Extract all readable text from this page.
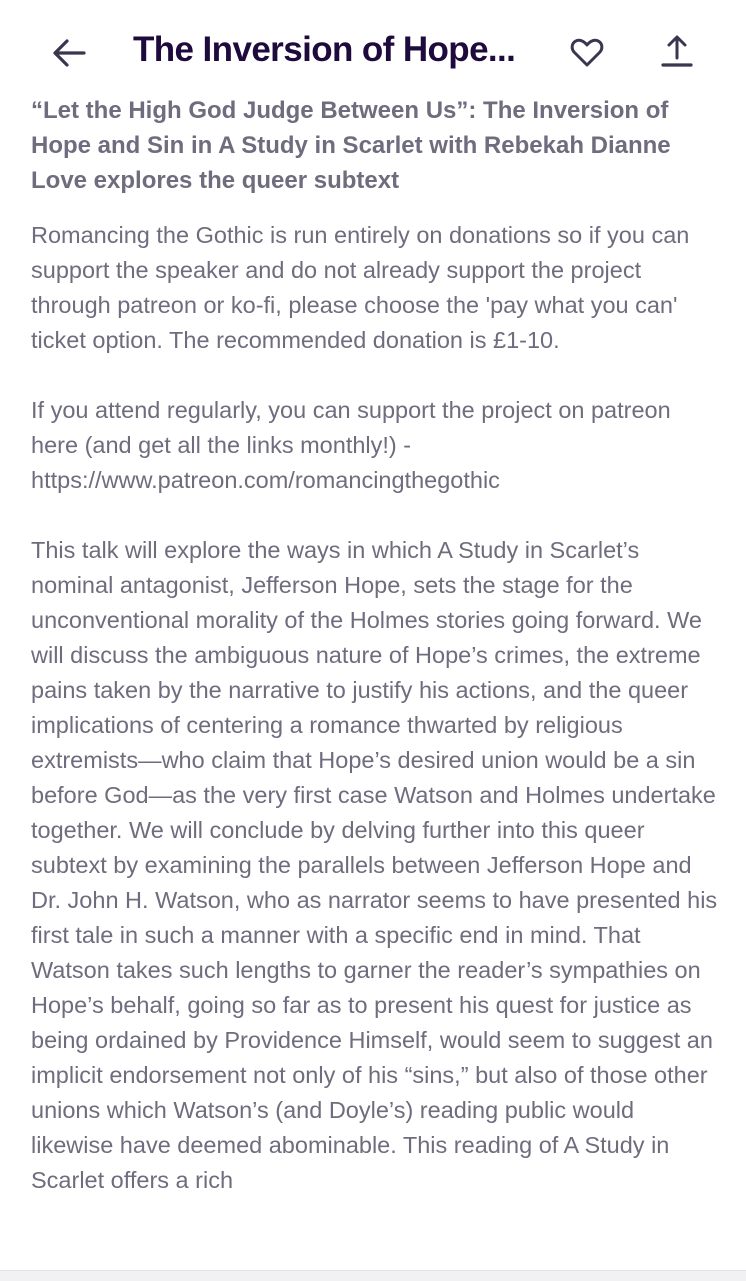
The Inversion of Hope...

“Let the High God Judge Between Us”: The Inversion of Hope and Sin in A Study in Scarlet with Rebekah Dianne Love explores the queer subtext

Romancing the Gothic is run entirely on donations so if you can support the speaker and do not already support the project through patreon or ko-fi, please choose the 'pay what you can' ticket option. The recommended donation is £1-10.

If you attend regularly, you can support the project on patreon here (and get all the links monthly!) - https://www.patreon.com/romancingthegothic

This talk will explore the ways in which A Study in Scarlet’s nominal antagonist, Jefferson Hope, sets the stage for the unconventional morality of the Holmes stories going forward. We will discuss the ambiguous nature of Hope’s crimes, the extreme pains taken by the narrative to justify his actions, and the queer implications of centering a romance thwarted by religious extremists—who claim that Hope’s desired union would be a sin before God—as the very first case Watson and Holmes undertake together. We will conclude by delving further into this queer subtext by examining the parallels between Jefferson Hope and Dr. John H. Watson, who as narrator seems to have presented his first tale in such a manner with a specific end in mind. That Watson takes such lengths to garner the reader’s sympathies on Hope’s behalf, going so far as to present his quest for justice as being ordained by Providence Himself, would seem to suggest an implicit endorsement not only of his “sins,” but also of those other unions which Watson’s (and Doyle’s) reading public would likewise have deemed abominable. This reading of A Study in Scarlet offers a rich
